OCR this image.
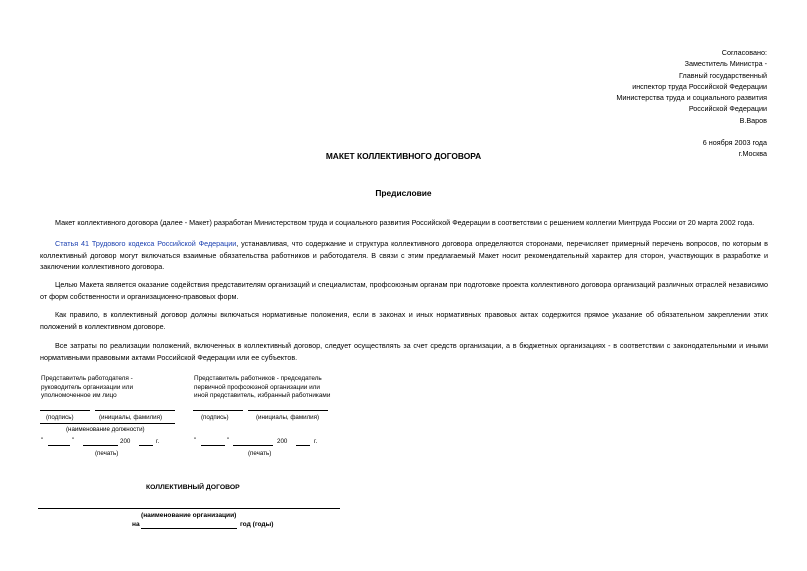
Согласовано:
Заместитель Министра -
Главный государственный
инспектор труда Российской Федерации
Министерства труда и социального развития
Российской Федерации
В.Варов
6 ноября 2003 года
г.Москва
МАКЕТ КОЛЛЕКТИВНОГО ДОГОВОРА
Предисловие
Макет коллективного договора (далее - Макет) разработан Министерством труда и социального развития Российской Федерации в соответствии с решением коллегии Минтруда России от 20 марта 2002 года.
Статья 41 Трудового кодекса Российской Федерации, устанавливая, что содержание и структура коллективного договора определяются сторонами, перечисляет примерный перечень вопросов, по которым в коллективный договор могут включаться взаимные обязательства работников и работодателя. В связи с этим предлагаемый Макет носит рекомендательный характер для сторон, участвующих в разработке и заключении коллективного договора.
Целью Макета является оказание содействия представителям организаций и специалистам, профсоюзным органам при подготовке проекта коллективного договора организаций различных отраслей независимо от форм собственности и организационно-правовых форм.
Как правило, в коллективный договор должны включаться нормативные положения, если в законах и иных нормативных правовых актах содержится прямое указание об обязательном закреплении этих положений в коллективном договоре.
Все затраты по реализации положений, включенных в коллективный договор, следует осуществлять за счет средств организации, а в бюджетных организациях - в соответствии с законодательными и иными нормативными правовыми актами Российской Федерации или ее субъектов.
Представитель работодателя - руководитель организации или уполномоченное им лицо
(подпись)	(инициалы, фамилия)
(наименование должности)
"	"	200	г.
(печать)
Представитель работников - председатель первичной профсоюзной организации или иной представитель, избранный работниками
(подпись)	(инициалы, фамилия)
"	"	200	г.
(печать)
КОЛЛЕКТИВНЫЙ ДОГОВОР
(наименование организации)
на	год (годы)
